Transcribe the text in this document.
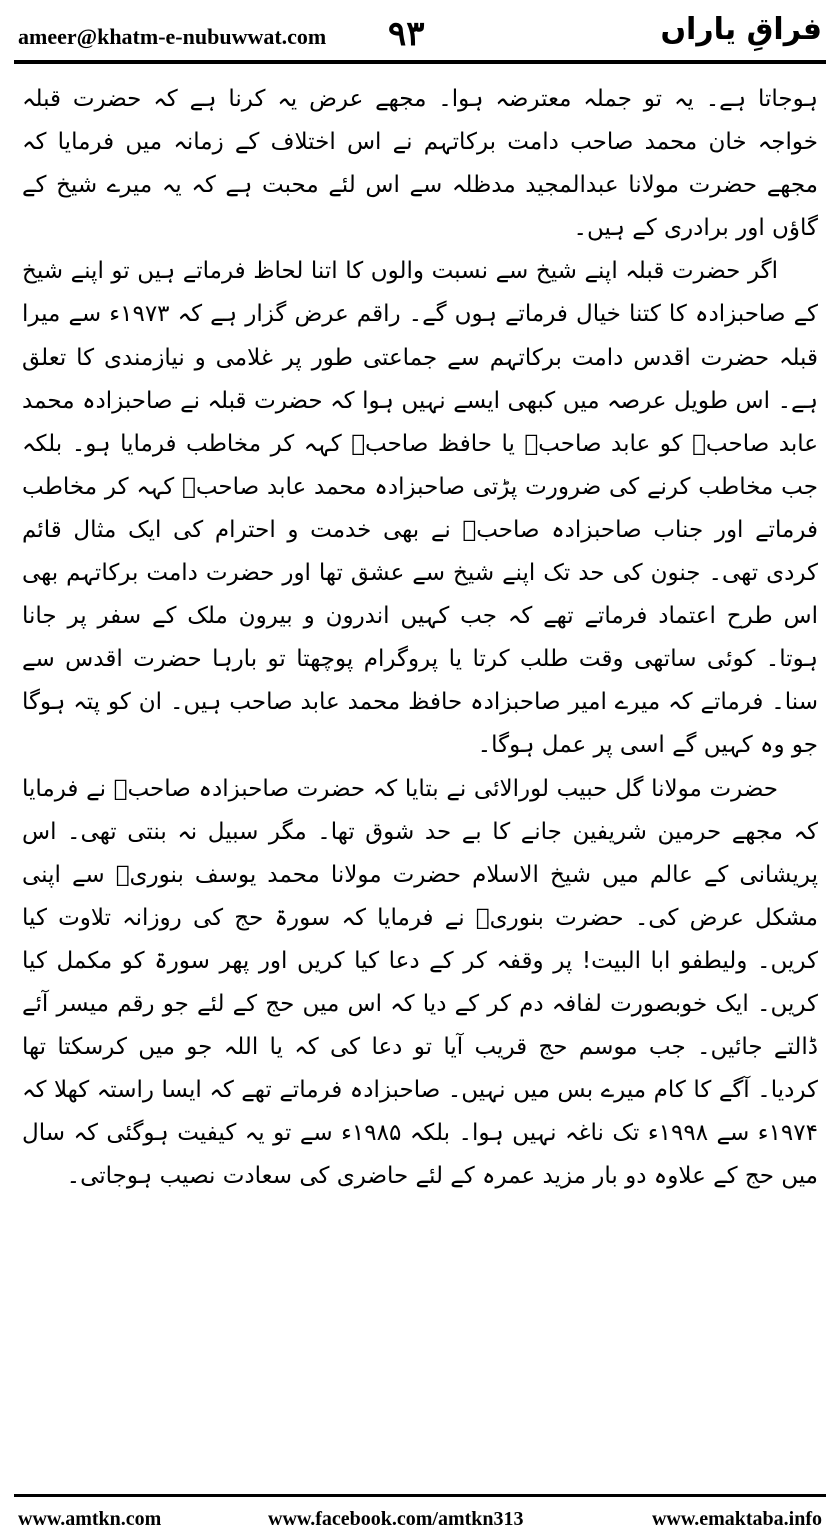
ameer@khatm-e-nubuwwat.com ۹۳	فراقِ یاراں

ہوجاتا ہے۔ یہ تو جملہ معترضہ ہوا۔ مجھے عرض یہ کرنا ہے کہ حضرت قبلہ خواجہ خان محمد صاحب دامت برکاتہم نے اس اختلاف کے زمانہ میں فرمایا کہ مجھے حضرت مولانا عبدالمجید مدظلہ سے اس لئے محبت ہے کہ یہ میرے شیخ کے گاؤں اور برادری کے ہیں۔

اگر حضرت قبلہ اپنے شیخ سے نسبت والوں کا اتنا لحاظ فرماتے ہیں تو اپنے شیخ کے صاحبزادہ کا کتنا خیال فرماتے ہوں گے۔ راقم عرض گزار ہے کہ ۱۹۷۳ء سے میرا قبلہ حضرت اقدس دامت برکاتہم سے جماعتی طور پر غلامی و نیازمندی کا تعلق ہے۔ اس طویل عرصہ میں کبھی ایسے نہیں ہوا کہ حضرت قبلہ نے صاحبزادہ محمد عابد صاحبؒ کو عابد صاحبؒ یا حافظ صاحبؒ کہہ کر مخاطب فرمایا ہو۔ بلکہ جب مخاطب کرنے کی ضرورت پڑتی صاحبزادہ محمد عابد صاحبؒ کہہ کر مخاطب فرماتے اور جناب صاحبزادہ صاحبؒ نے بھی خدمت و احترام کی ایک مثال قائم کردی تھی۔ جنون کی حد تک اپنے شیخ سے عشق تھا اور حضرت دامت برکاتہم بھی اس طرح اعتماد فرماتے تھے کہ جب کہیں اندرون و بیرون ملک کے سفر پر جانا ہوتا۔ کوئی ساتھی وقت طلب کرتا یا پروگرام پوچھتا تو بارہا حضرت اقدس سے سنا۔ فرماتے کہ میرے امیر صاحبزادہ حافظ محمد عابد صاحب ہیں۔ ان کو پتہ ہوگا جو وہ کہیں گے اسی پر عمل ہوگا۔

حضرت مولانا گل حبیب لورالائی نے بتایا کہ حضرت صاحبزادہ صاحبؒ نے فرمایا کہ مجھے حرمین شریفین جانے کا بے حد شوق تھا۔ مگر سبیل نہ بنتی تھی۔ اس پریشانی کے عالم میں شیخ الاسلام حضرت مولانا محمد یوسف بنوریؒ سے اپنی مشکل عرض کی۔ حضرت بنوریؒ نے فرمایا کہ سورۃ حج کی روزانہ تلاوت کیا کریں۔ ولیطفو ابا البیت! پر وقفہ کر کے دعا کیا کریں اور پھر سورۃ کو مکمل کیا کریں۔ ایک خوبصورت لفافہ دم کر کے دیا کہ اس میں حج کے لئے جو رقم میسر آئے ڈالتے جائیں۔ جب موسم حج قریب آیا تو دعا کی کہ یا اللہ جو میں کرسکتا تھا کردیا۔ آگے کا کام میرے بس میں نہیں۔ صاحبزادہ فرماتے تھے کہ ایسا راستہ کھلا کہ ۱۹۷۴ء سے ۱۹۹۸ء تک ناغہ نہیں ہوا۔ بلکہ ۱۹۸۵ء سے تو یہ کیفیت ہوگئی کہ سال میں حج کے علاوہ دو بار مزید عمرہ کے لئے حاضری کی سعادت نصیب ہوجاتی۔

www.amtkn.com	www.facebook.com/amtkn313	www.emaktaba.info
